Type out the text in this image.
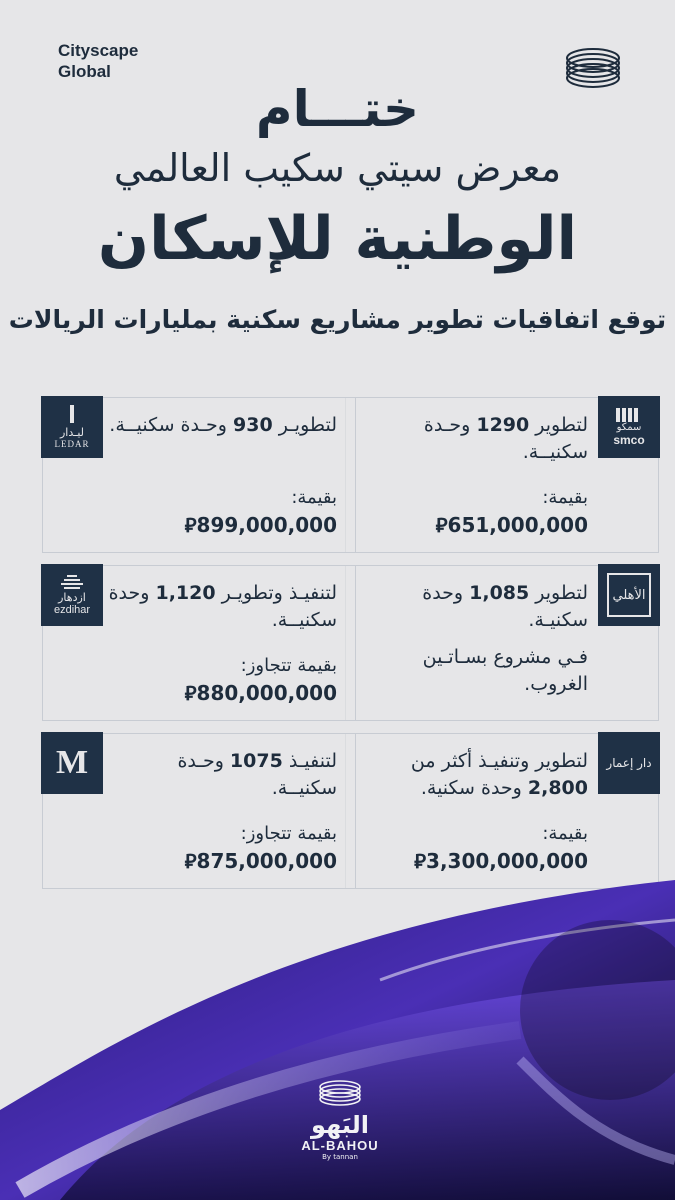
Cityscape
Global
ختـــام
معرض سيتي سكيب العالمي
الوطنية للإسكان
توقع اتفاقيات تطوير مشاريع سكنية بمليارات الريالات
سمكو
smco
لتطوير 1290 وحـدة سكنيــة.
بقيمة:
⃁651,000,000
ليـدار
LEDAR
لتطويـر 930 وحـدة سكنيــة.
بقيمة:
⃁899,000,000
الأهلي
لتطوير 1,085 وحدة سكنيـة.
فـي مشروع بسـاتـين الغروب.
ازدهار
ezdihar
لتنفيـذ وتطويـر 1,120 وحدة سكنيــة.
بقيمة تتجاوز:
⃁880,000,000
دار إعمار
لتطوير وتنفيـذ أكثر من 2,800 وحدة سكنية.
بقيمة:
⃁3,300,000,000
M	لتنفيـذ 1075 وحـدة سكنيــة.
بقيمة تتجاوز:
⃁875,000,000
البَهو
AL-BAHOU
By tannan
